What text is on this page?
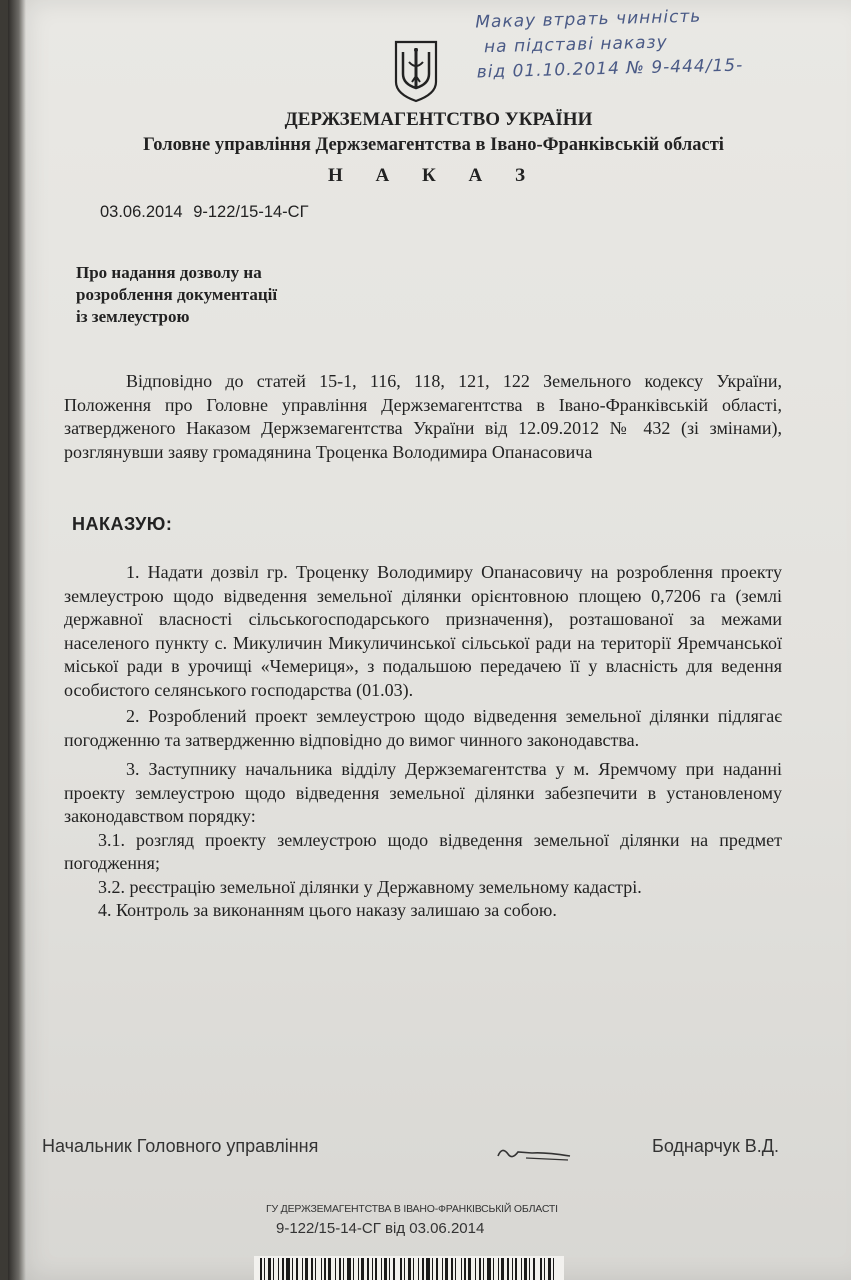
Макау втрать чинність
на підставі наказу
від 01.10.2014 № 9-444/15-
ДЕРЖЗЕМАГЕНТСТВО УКРАЇНИ
Головне управління Держземагентства в Івано-Франківській області
Н А К А З
03.06.2014 9-122/15-14-СГ
Про надання дозволу на
розроблення документації
із землеустрою
Відповідно до статей 15-1, 116, 118, 121, 122 Земельного кодексу України, Положення про Головне управління Держземагентства в Івано-Франківській області, затвердженого Наказом Держземагентства України від 12.09.2012 № 432 (зі змінами), розглянувши заяву громадянина Троценка Володимира Опанасовича
НАКАЗУЮ:

1. Надати дозвіл гр. Троценку Володимиру Опанасовичу на розроблення проекту землеустрою щодо відведення земельної ділянки орієнтовною площею 0,7206 га (землі державної власності сільськогосподарського призначення), розташованої за межами населеного пункту с. Микуличин Микуличинської сільської ради на території Яремчанської міської ради в урочищі «Чемериця», з подальшою передачею її у власність для ведення особистого селянського господарства (01.03).

2. Розроблений проект землеустрою щодо відведення земельної ділянки підлягає погодженню та затвердженню відповідно до вимог чинного законодавства.

3. Заступнику начальника відділу Держземагентства у м. Яремчому при наданні проекту землеустрою щодо відведення земельної ділянки забезпечити в установленому законодавством порядку:

3.1. розгляд проекту землеустрою щодо відведення земельної ділянки на предмет погодження;

3.2. реєстрацію земельної ділянки у Державному земельному кадастрі.

4. Контроль за виконанням цього наказу залишаю за собою.

Начальник Головного управління	Боднарчук В.Д.
ГУ ДЕРЖЗЕМАГЕНТСТВА В ІВАНО-ФРАНКІВСЬКІЙ ОБЛАСТІ
9-122/15-14-СГ від 03.06.2014
